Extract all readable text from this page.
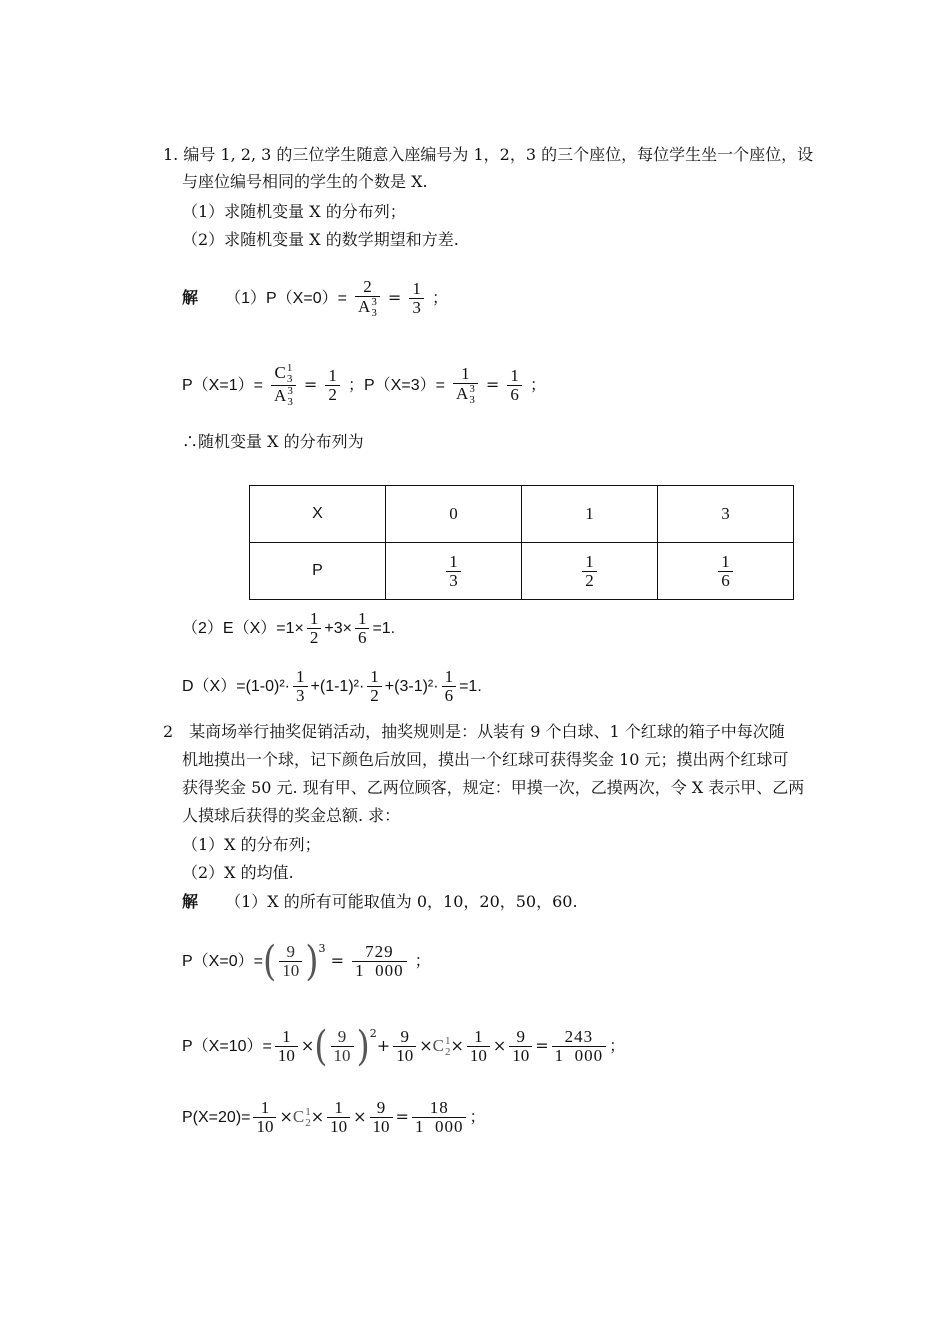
1. 编号 1, 2, 3 的三位学生随意入座编号为 1，2，3 的三个座位，每位学生坐一个座位，设
与座位编号相同的学生的个数是 X.
（1）求随机变量 X 的分布列；
（2）求随机变量 X 的数学期望和方差.
解 （1）P（X=0）= 2
A 3
$3 = \frac{1}{3}$ ；
P（X=1）= C 1
3
A 3
$3 = \frac{1}{2}$ ；P（X=3）= 1
A 3
$3 = \frac{1}{6}$ ；
∴随机变量 X 的分布列为
X	0	1	3
P	$\frac{1}{3}$	$\frac{1}{2}$	$\frac{1}{6}$
$(2)E(X)=1\times \frac{1}{2} +3\times \frac{1}{6} =1$.
$D(X)=(1-0)^2\cdot \frac{1}{3} +(1-1)^2\cdot \frac{1}{2} +(3-1)^2\cdot \frac{1}{6} =1$.
2　某商场举行抽奖促销活动，抽奖规则是：从装有 9 个白球、1 个红球的箱子中每次随
机地摸出一个球，记下颜色后放回，摸出一个红球可获得奖金 10 元；摸出两个红球可
获得奖金 50 元. 现有甲、乙两位顾客，规定：甲摸一次，乙摸两次，令 X 表示甲、乙两
人摸球后获得的奖金总额. 求：
（1）X 的分布列；
（2）X 的均值.
解 （1）X 的所有可能取值为 0，10，20，50，60.
$P(X=0)=( \frac{9}{10} )^3 = \frac{729}{1 000}$ ；
$P(X=10)= \frac{1}{10}$ ×( $\frac{9}{10} )^2+ \frac{9}{10} \times C$ 1
$2 \times \frac{1}{10} \times \frac{9}{10} = \frac{243}{1 000}$ ；
$P(X=20)= \frac{1}{10} \times C$ 1
$2 \times \frac{1}{10} \times \frac{9}{10} = \frac{18}{1 000}$ ；
